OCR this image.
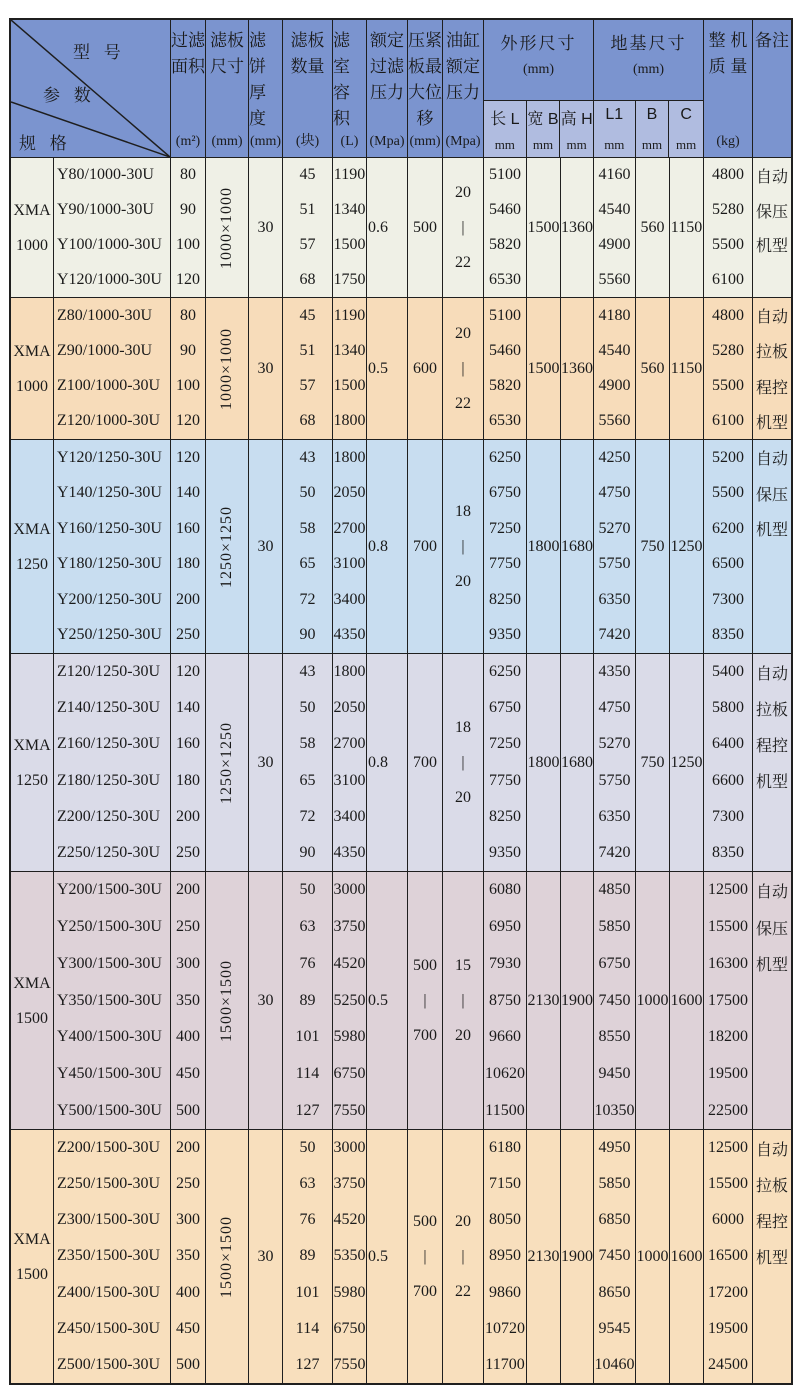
型 号
参 数
规 格
过滤
面积
(m²)
滤板
尺寸
(mm)
滤饼
厚度
(mm)
滤板
数量
(块)
滤室
容积
(L)
额定
过滤
压力
(Mpa)
压紧
板最
大位
移
(mm)
油缸
额定
压力
(Mpa)
外形尺寸
(mm)
长 L
mm
宽 B
mm
高 H
mm
地基尺寸
(mm)
L1
mm
B
mm
C
mm
整 机
质 量
(kg)
备注
XMA
1000
Y80/1000-30U
Y90/1000-30U
Y100/1000-30U
Y120/1000-30U
80
90
100
120
1000×1000 30
45
51
57
68
1190
1340
1500
1750
0.6 500
20
|
22
5100
5460
5820
6530
1500 1360
4160
4540
4900
5560
560 1150
4800
5280
5500
6100
自动
保压
机型
XMA
1000
Z80/1000-30U
Z90/1000-30U
Z100/1000-30U
Z120/1000-30U
80
90
100
120
1000×1000 30
45
51
57
68
1190
1340
1500
1800
0.5 600
20
|
22
5100
5460
5820
6530
1500 1360
4180
4540
4900
5560
560 1150
4800
5280
5500
6100
自动
拉板
程控
机型
XMA
1250
Y120/1250-30U
Y140/1250-30U
Y160/1250-30U
Y180/1250-30U
Y200/1250-30U
Y250/1250-30U
120
140
160
180
200
250
1250×1250 30
43
50
58
65
72
90
1800
2050
2700
3100
3400
4350
0.8 700
18
|
20
6250
6750
7250
7750
8250
9350
1800 1680
4250
4750
5270
5750
6350
7420
750 1250
5200
5500
6200
6500
7300
8350
自动
保压
机型
XMA
1250
Z120/1250-30U
Z140/1250-30U
Z160/1250-30U
Z180/1250-30U
Z200/1250-30U
Z250/1250-30U
120
140
160
180
200
250
1250×1250 30
43
50
58
65
72
90
1800
2050
2700
3100
3400
4350
0.8 700
18
|
20
6250
6750
7250
7750
8250
9350
1800 1680
4350
4750
5270
5750
6350
7420
750 1250
5400
5800
6400
6600
7300
8350
自动
拉板
程控
机型
XMA
1500
Y200/1500-30U
Y250/1500-30U
Y300/1500-30U
Y350/1500-30U
Y400/1500-30U
Y450/1500-30U
Y500/1500-30U
200
250
300
350
400
450
500
1500×1500 30
50
63
76
89
101
114
127
3000
3750
4520
5250
5980
6750
7550
0.5
500
|
700
15
|
20
6080
6950
7930
8750
9660
10620
11500
2130 1900
4850
5850
6750
7450
8550
9450
10350
1000 1600
12500
15500
16300
17500
18200
19500
22500
自动
保压
机型
XMA
1500
Z200/1500-30U
Z250/1500-30U
Z300/1500-30U
Z350/1500-30U
Z400/1500-30U
Z450/1500-30U
Z500/1500-30U
200
250
300
350
400
450
500
1500×1500 30
50
63
76
89
101
114
127
3000
3750
4520
5350
5980
6750
7550
0.5
500
|
700
20
|
22
6180
7150
8050
8950
9860
10720
11700
2130 1900
4950
5850
6850
7450
8650
9545
10460
1000 1600
12500
15500
6000
16500
17200
19500
24500
自动
拉板
程控
机型
